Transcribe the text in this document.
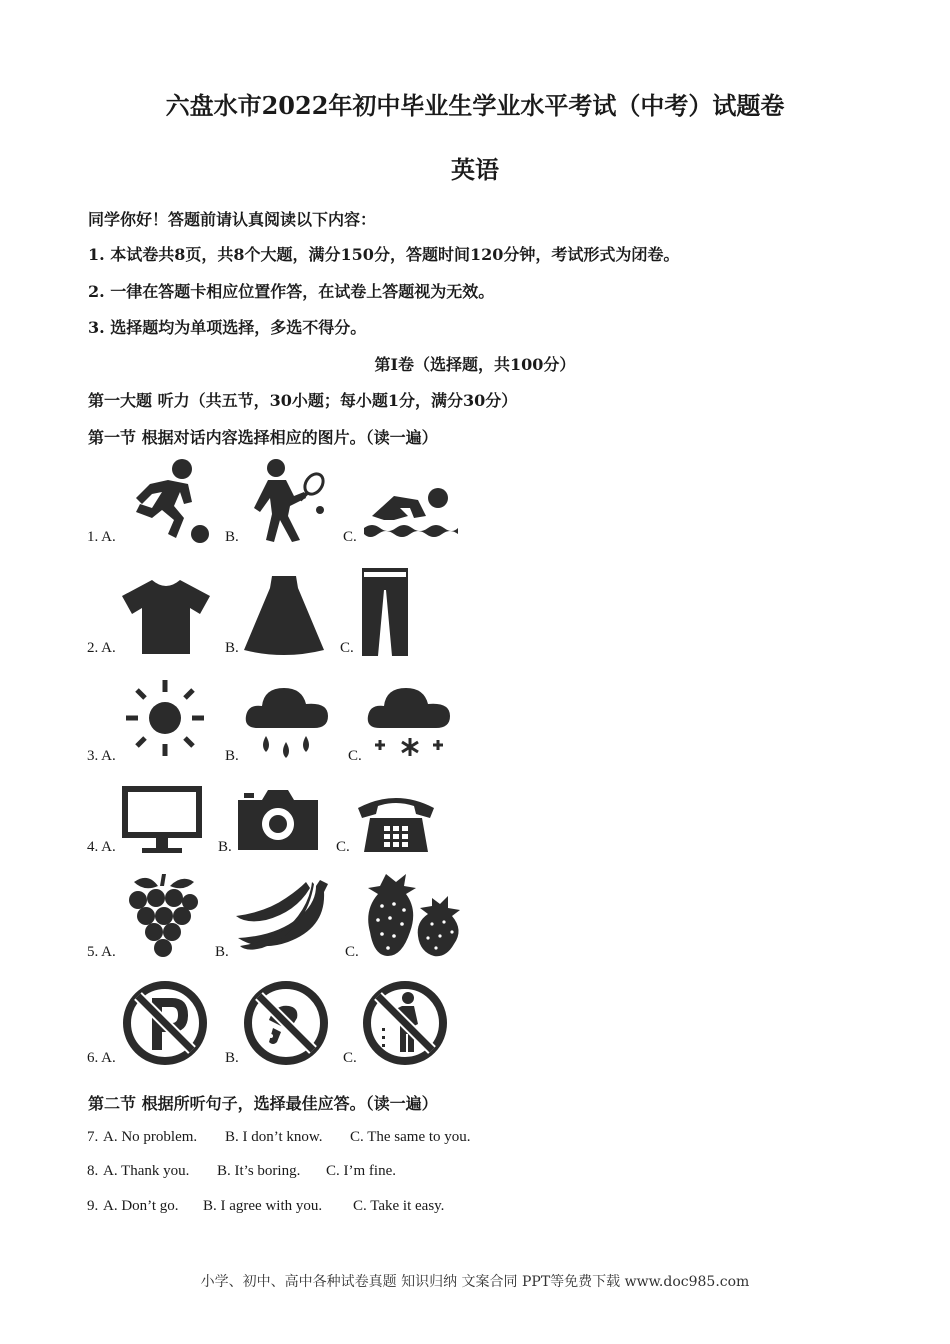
六盘水市2022年初中毕业生学业水平考试（中考）试题卷
英语
同学你好！答题前请认真阅读以下内容：
1. 本试卷共8页，共8个大题，满分150分，答题时间120分钟，考试形式为闭卷。
2. 一律在答题卡相应位置作答，在试卷上答题视为无效。
3. 选择题均为单项选择，多选不得分。
第Ⅰ卷（选择题，共100分）
第一大题 听力（共五节，30小题；每小题1分，满分30分）
第一节 根据对话内容选择相应的图片。（读一遍）
1. A.	B.	C.
2. A.	B.	C.
3. A.	B.	C.
4. A.	B.	C.
5. A.	B.	C.
6. A.	B.	C.
第二节 根据所听句子，选择最佳应答。（读一遍）
7. A. No problem. B. I don’t know. C. The same to you.
8. A. Thank you. B. It’s boring. C. I’m fine.
9. A. Don’t go. B. I agree with you. C. Take it easy.
小学、初中、高中各种试卷真题 知识归纳 文案合同 PPT等免费下载 www.doc985.com
